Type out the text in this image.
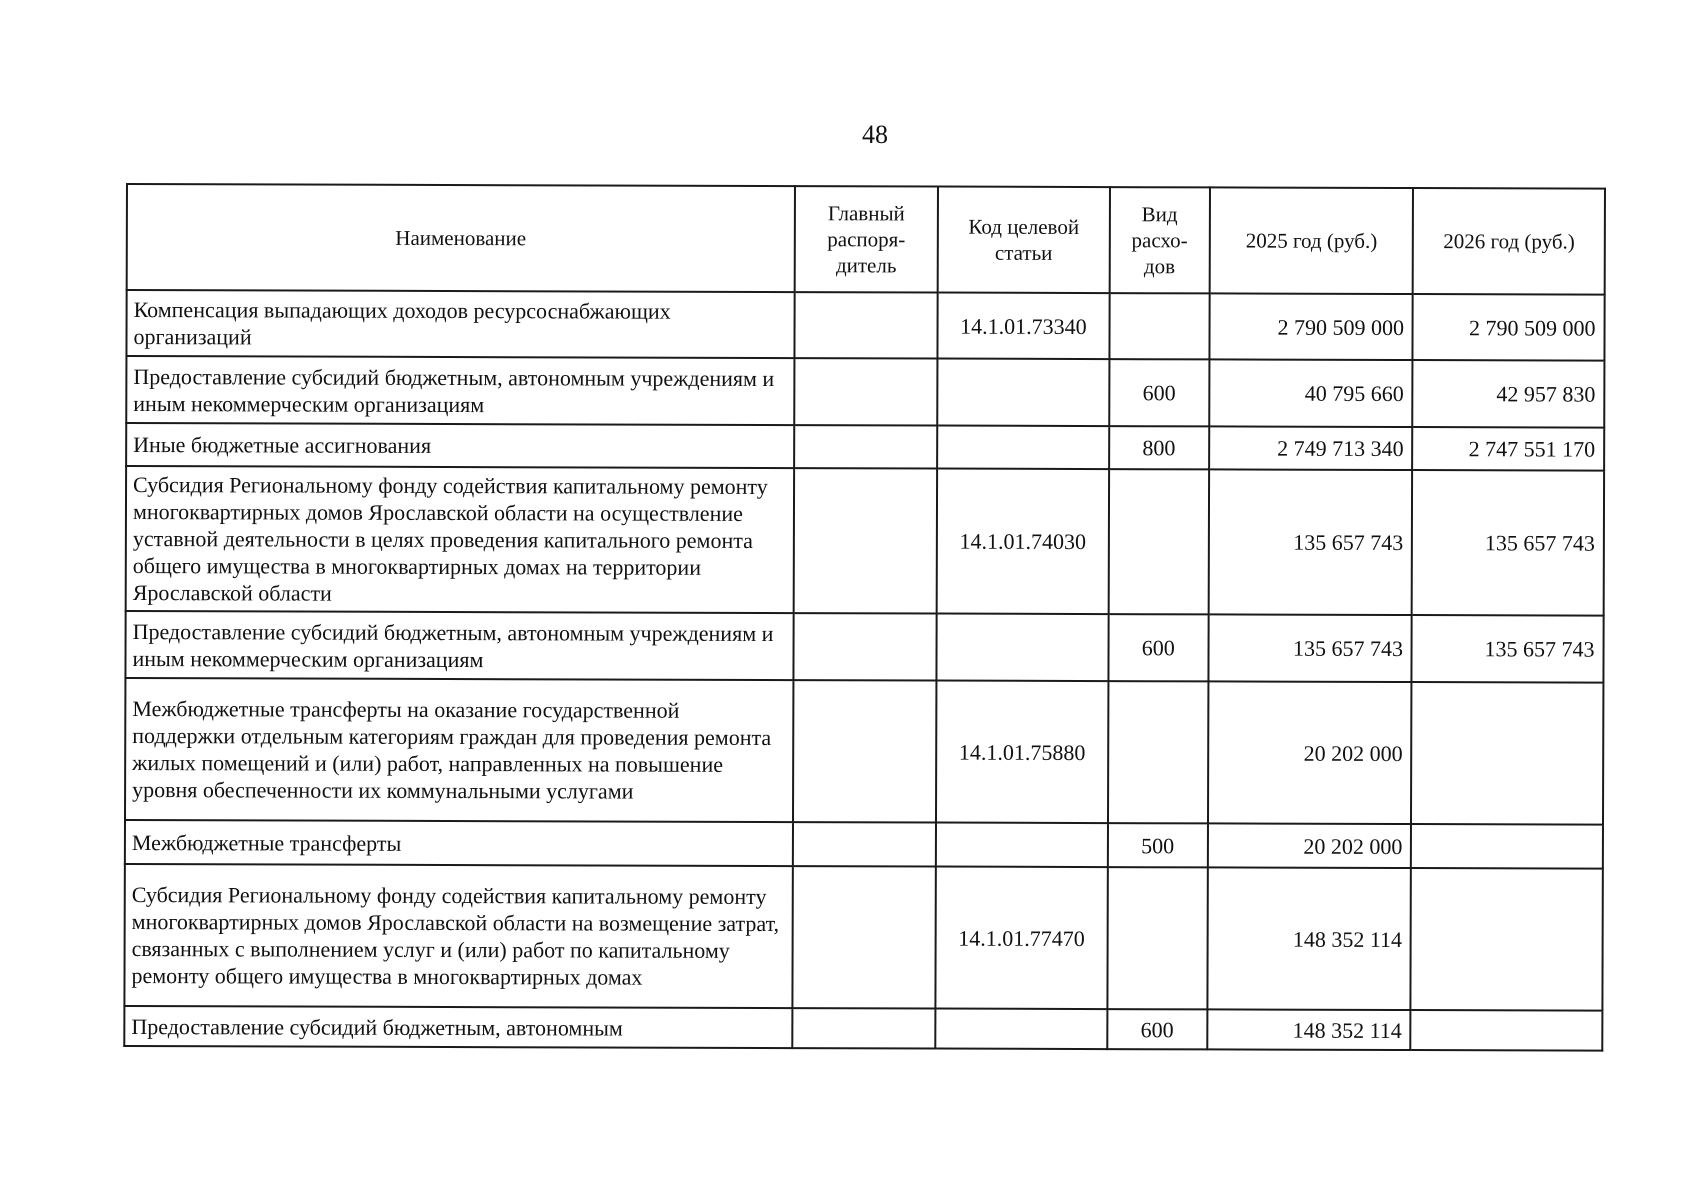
48
Наименование	Главный распоря-дитель	Код целевой статьи	Вид расхо-дов	2025 год (руб.)	2026 год (руб.)
Компенсация выпадающих доходов ресурсоснабжающих организаций		14.1.01.73340		2 790 509 000	2 790 509 000
Предоставление субсидий бюджетным, автономным учреждениям и иным некоммерческим организациям			600	40 795 660	42 957 830
Иные бюджетные ассигнования			800	2 749 713 340	2 747 551 170
Субсидия Региональному фонду содействия капитальному ремонту многоквартирных домов Ярославской области на осуществление уставной деятельности в целях проведения капитального ремонта общего имущества в многоквартирных домах на территории Ярославской области		14.1.01.74030		135 657 743	135 657 743
Предоставление субсидий бюджетным, автономным учреждениям и иным некоммерческим организациям			600	135 657 743	135 657 743
Межбюджетные трансферты на оказание государственной поддержки отдельным категориям граждан для проведения ремонта жилых помещений и (или) работ, направленных на повышение уровня обеспеченности их коммунальными услугами		14.1.01.75880		20 202 000	
Межбюджетные трансферты			500	20 202 000	
Субсидия Региональному фонду содействия капитальному ремонту многоквартирных домов Ярославской области на возмещение затрат, связанных с выполнением услуг и (или) работ по капитальному ремонту общего имущества в многоквартирных домах		14.1.01.77470		148 352 114	
Предоставление субсидий бюджетным, автономным			600	148 352 114	
